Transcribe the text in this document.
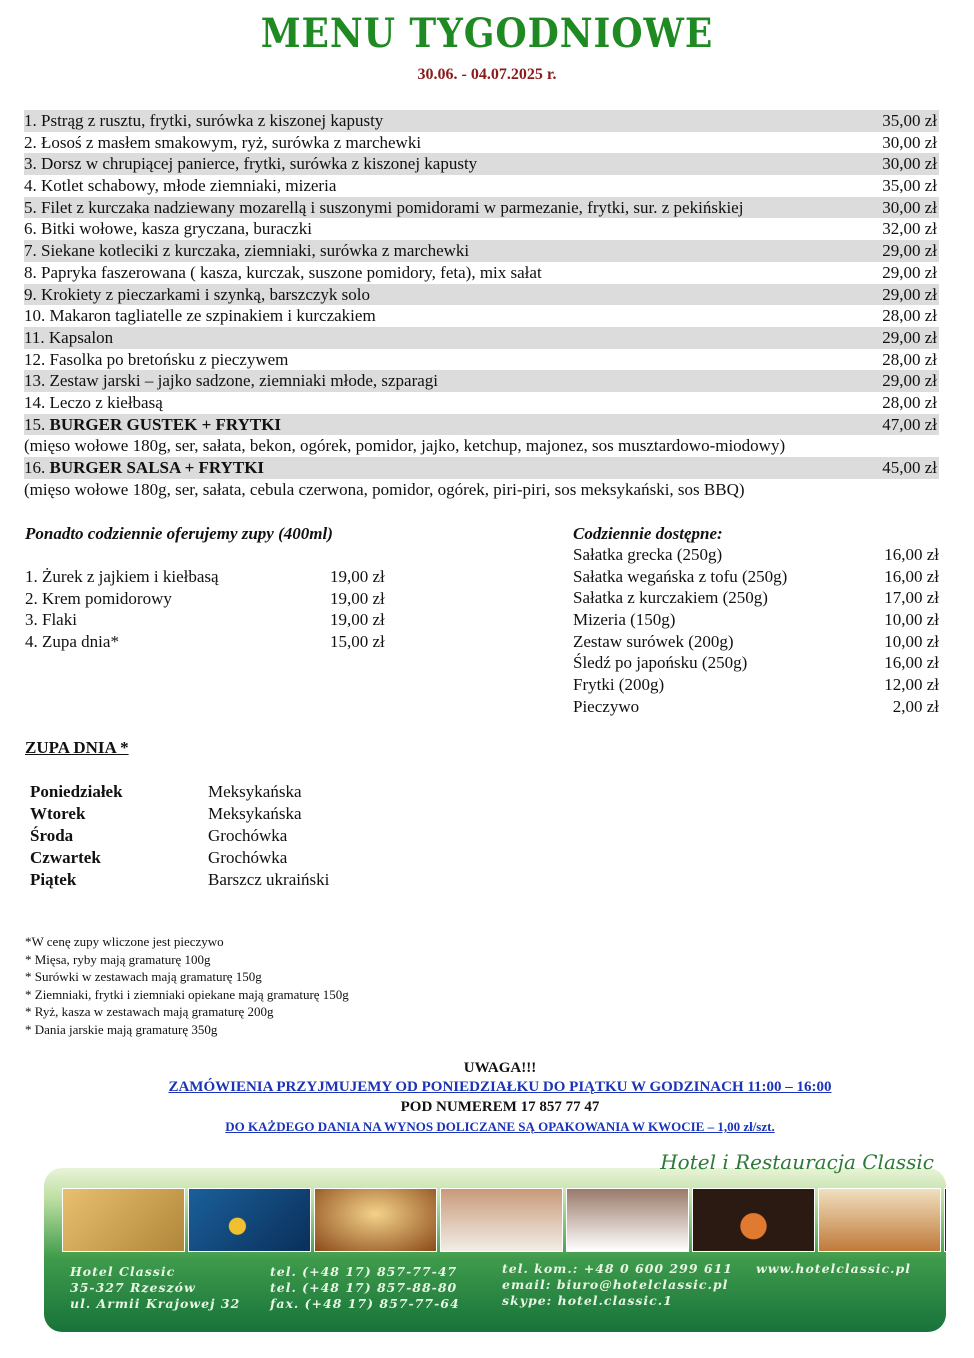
MENU TYGODNIOWE
30.06. - 04.07.2025 r.
1. Pstrąg z rusztu, frytki, surówka z kiszonej kapusty	35,00 zł
2. Łosoś z masłem smakowym, ryż, surówka z marchewki	30,00 zł
3. Dorsz w chrupiącej panierce, frytki, surówka z kiszonej kapusty	30,00 zł
4. Kotlet schabowy, młode ziemniaki, mizeria	35,00 zł
5. Filet z kurczaka nadziewany mozarellą i suszonymi pomidorami w parmezanie, frytki, sur. z pekińskiej	30,00 zł
6. Bitki wołowe, kasza gryczana, buraczki	32,00 zł
7. Siekane kotleciki z kurczaka, ziemniaki, surówka z marchewki	29,00 zł
8. Papryka faszerowana ( kasza, kurczak, suszone pomidory, feta), mix sałat	29,00 zł
9. Krokiety z pieczarkami i szynką, barszczyk solo	29,00 zł
10. Makaron tagliatelle ze szpinakiem i kurczakiem	28,00 zł
11. Kapsalon	29,00 zł
12. Fasolka po bretońsku z pieczywem	28,00 zł
13. Zestaw jarski – jajko sadzone, ziemniaki młode, szparagi	29,00 zł
14. Leczo z kiełbasą	28,00 zł
15. BURGER GUSTEK + FRYTKI	47,00 zł
(mięso wołowe 180g, ser, sałata, bekon, ogórek, pomidor, jajko, ketchup, majonez, sos musztardowo-miodowy)
16. BURGER SALSA + FRYTKI	45,00 zł
(mięso wołowe 180g, ser, sałata, cebula czerwona, pomidor, ogórek, piri-piri, sos meksykański, sos BBQ)
Ponadto codziennie oferujemy zupy (400ml)
1. Żurek z jajkiem i kiełbasą	19,00 zł
2. Krem pomidorowy	19,00 zł
3. Flaki	19,00 zł
4. Zupa dnia*	15,00 zł
Codziennie dostępne:
Sałatka grecka (250g)	16,00 zł
Sałatka wegańska z tofu (250g)	16,00 zł
Sałatka z kurczakiem (250g)	17,00 zł
Mizeria (150g)	10,00 zł
Zestaw surówek (200g)	10,00 zł
Śledź po japońsku (250g)	16,00 zł
Frytki (200g)	12,00 zł
Pieczywo	2,00 zł
ZUPA DNIA *
Poniedziałek	Meksykańska
Wtorek	Meksykańska
Środa	Grochówka
Czwartek	Grochówka
Piątek	Barszcz ukraiński
*W cenę zupy wliczone jest pieczywo
* Mięsa, ryby mają gramaturę 100g
* Surówki w zestawach mają gramaturę 150g
* Ziemniaki, frytki i ziemniaki opiekane mają gramaturę 150g
* Ryż, kasza w zestawach mają gramaturę 200g
* Dania jarskie mają gramaturę 350g
UWAGA!!!
ZAMÓWIENIA PRZYJMUJEMY OD PONIEDZIAŁKU DO PIĄTKU W GODZINACH 11:00 – 16:00
POD NUMEREM 17 857 77 47
DO KAŻDEGO DANIA NA WYNOS DOLICZANE SĄ OPAKOWANIA W KWOCIE – 1,00 zł/szt.
Hotel Classic
35-327 Rzeszów
ul. Armii Krajowej 32
tel. (+48 17) 857-77-47
tel. (+48 17) 857-88-80
fax. (+48 17) 857-77-64
tel. kom.: +48 0 600 299 611
email: biuro@hotelclassic.pl
skype: hotel.classic.1
www.hotelclassic.pl
Hotel i Restauracja Classic
